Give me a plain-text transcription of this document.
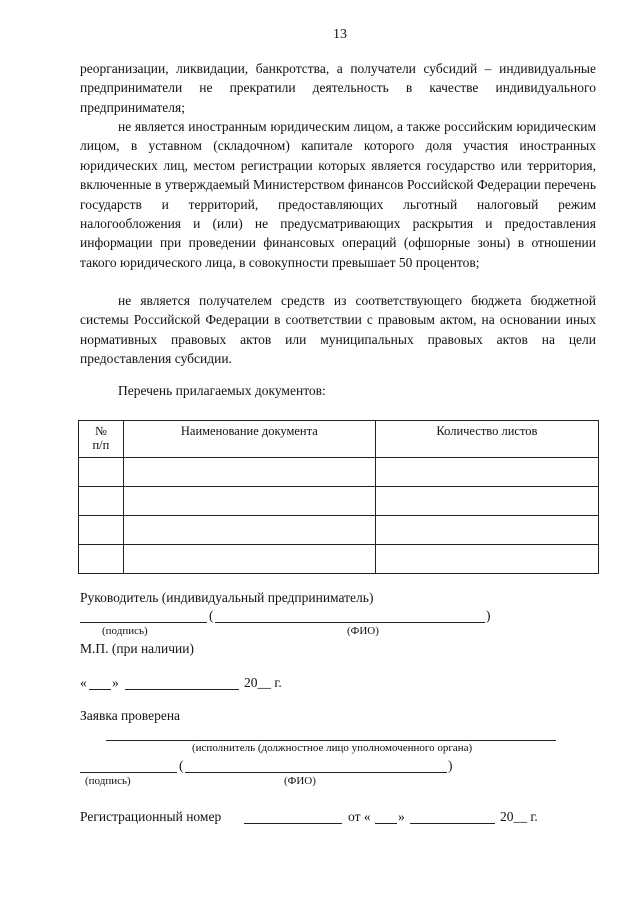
13

реорганизации, ликвидации, банкротства, а получатели субсидий – индивидуальные предприниматели не прекратили деятельность в качестве индивидуального предпринимателя;

не является иностранным юридическим лицом, а также российским юридическим лицом, в уставном (складочном) капитале которого доля участия иностранных юридических лиц, местом регистрации которых является государство или территория, включенные в утверждаемый Министерством финансов Российской Федерации перечень государств и территорий, предоставляющих льготный налоговый режим налогообложения и (или) не предусматривающих раскрытия и предоставления информации при проведении финансовых операций (офшорные зоны) в отношении такого юридического лица, в совокупности превышает 50 процентов;

не является получателем средств из соответствующего бюджета бюджетной системы Российской Федерации в соответствии с правовым актом, на основании иных нормативных правовых актов или муниципальных правовых актов на цели предоставления субсидии.

Перечень прилагаемых документов:
№
п/п	Наименование документа	Количество листов

Руководитель (индивидуальный предприниматель)
(	)
(подпись)	(ФИО)
М.П. (при наличии)
« »	20__ г.
Заявка проверена
(исполнитель (должностное лицо уполномоченного органа)
(	)
(подпись)	(ФИО)
Регистрационный номер	от « »	20__ г.
